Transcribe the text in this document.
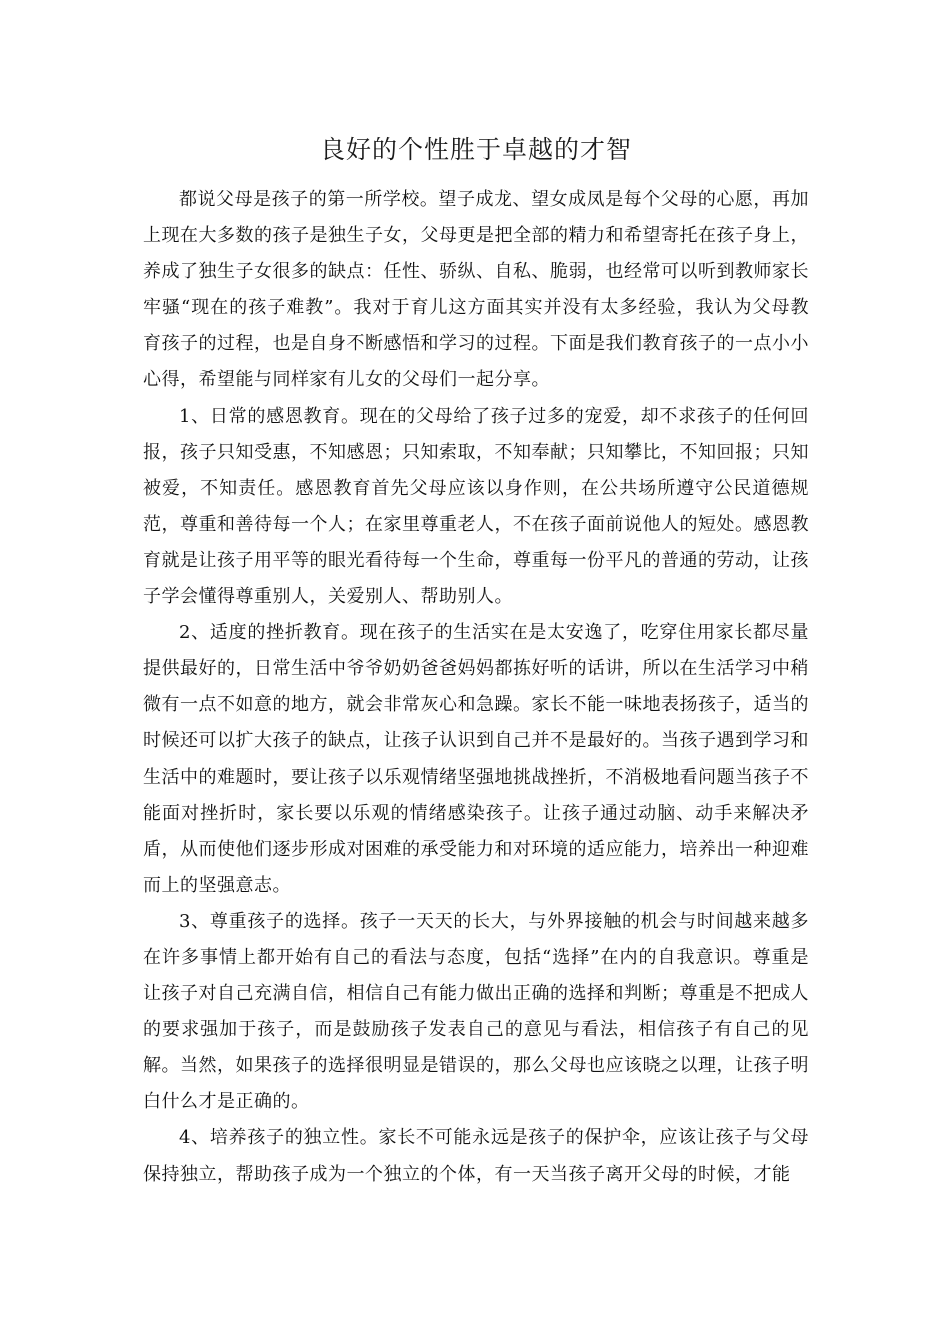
良好的个性胜于卓越的才智

都说父母是孩子的第一所学校。望子成龙、望女成凤是每个父母的心愿，再加上现在大多数的孩子是独生子女，父母更是把全部的精力和希望寄托在孩子身上，养成了独生子女很多的缺点：任性、骄纵、自私、脆弱，也经常可以听到教师家长牢骚“现在的孩子难教”。我对于育儿这方面其实并没有太多经验，我认为父母教育孩子的过程，也是自身不断感悟和学习的过程。下面是我们教育孩子的一点小小心得，希望能与同样家有儿女的父母们一起分享。

1、日常的感恩教育。现在的父母给了孩子过多的宠爱，却不求孩子的任何回报，孩子只知受惠，不知感恩；只知索取，不知奉献；只知攀比，不知回报；只知被爱，不知责任。感恩教育首先父母应该以身作则，在公共场所遵守公民道德规范，尊重和善待每一个人；在家里尊重老人，不在孩子面前说他人的短处。感恩教育就是让孩子用平等的眼光看待每一个生命，尊重每一份平凡的普通的劳动，让孩子学会懂得尊重别人，关爱别人、帮助别人。

2、适度的挫折教育。现在孩子的生活实在是太安逸了，吃穿住用家长都尽量提供最好的，日常生活中爷爷奶奶爸爸妈妈都拣好听的话讲，所以在生活学习中稍微有一点不如意的地方，就会非常灰心和急躁。家长不能一味地表扬孩子，适当的时候还可以扩大孩子的缺点，让孩子认识到自己并不是最好的。当孩子遇到学习和生活中的难题时，要让孩子以乐观情绪坚强地挑战挫折，不消极地看问题当孩子不能面对挫折时，家长要以乐观的情绪感染孩子。让孩子通过动脑、动手来解决矛盾，从而使他们逐步形成对困难的承受能力和对环境的适应能力，培养出一种迎难而上的坚强意志。

3、尊重孩子的选择。孩子一天天的长大，与外界接触的机会与时间越来越多在许多事情上都开始有自己的看法与态度，包括“选择”在内的自我意识。尊重是让孩子对自己充满自信，相信自己有能力做出正确的选择和判断；尊重是不把成人的要求强加于孩子，而是鼓励孩子发表自己的意见与看法，相信孩子有自己的见解。当然，如果孩子的选择很明显是错误的，那么父母也应该晓之以理，让孩子明白什么才是正确的。

4、培养孩子的独立性。家长不可能永远是孩子的保护伞，应该让孩子与父母保持独立，帮助孩子成为一个独立的个体，有一天当孩子离开父母的时候，才能
